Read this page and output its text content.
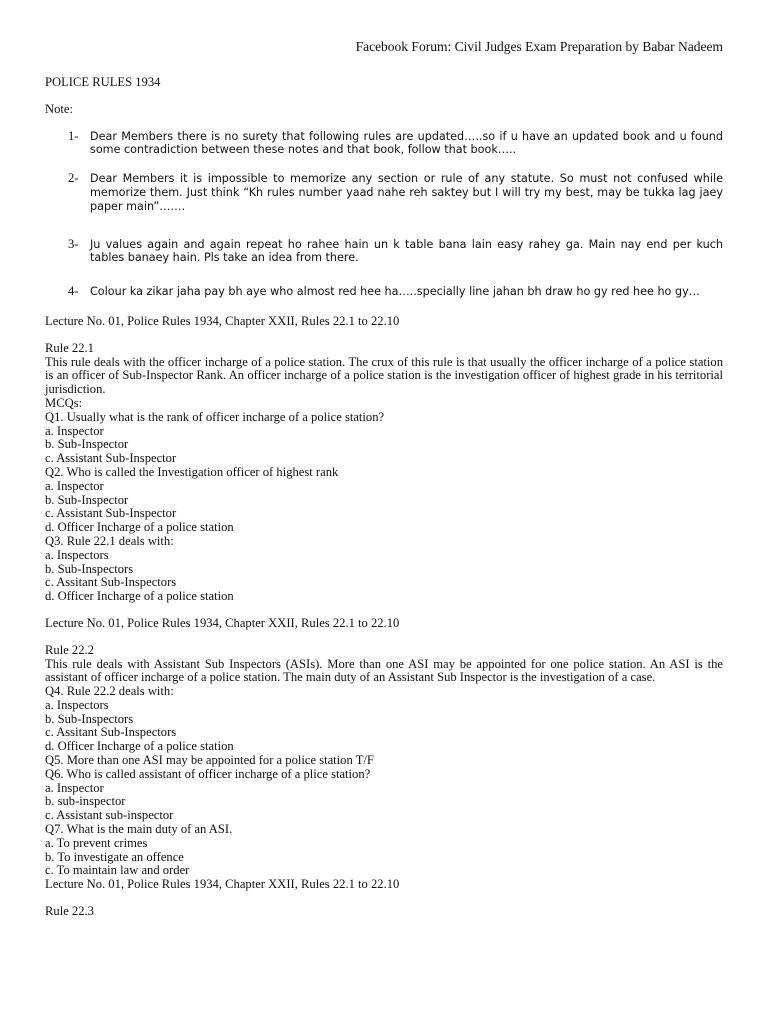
Facebook Forum: Civil Judges Exam Preparation by Babar Nadeem

POLICE RULES 1934

Note:

1- Dear Members there is no surety that following rules are updated…..so if u have an updated book and u found some contradiction between these notes and that book, follow that book…..
2- Dear Members it is impossible to memorize any section or rule of any statute. So must not confused while memorize them. Just think “Kh rules number yaad nahe reh saktey but I will try my best, may be tukka lag jaey paper main”…….
3- Ju values again and again repeat ho rahee hain un k table bana lain easy rahey ga. Main nay end per kuch tables banaey hain. Pls take an idea from there.
4- Colour ka zikar jaha pay bh aye who almost red hee ha…..specially line jahan bh draw ho gy red hee ho gy…

Lecture No. 01, Police Rules 1934, Chapter XXII, Rules 22.1 to 22.10

Rule 22.1

This rule deals with the officer incharge of a police station. The crux of this rule is that usually the officer incharge of a police station is an officer of Sub-Inspector Rank. An officer incharge of a police station is the investigation officer of highest grade in his territorial jurisdiction.

MCQs:

Q1. Usually what is the rank of officer incharge of a police station?

a. Inspector

b. Sub-Inspector

c. Assistant Sub-Inspector

Q2. Who is called the Investigation officer of highest rank

a. Inspector

b. Sub-Inspector

c. Assistant Sub-Inspector

d. Officer Incharge of a police station

Q3. Rule 22.1 deals with:

a. Inspectors

b. Sub-Inspectors

c. Assitant Sub-Inspectors

d. Officer Incharge of a police station

Lecture No. 01, Police Rules 1934, Chapter XXII, Rules 22.1 to 22.10

Rule 22.2

This rule deals with Assistant Sub Inspectors (ASIs). More than one ASI may be appointed for one police station. An ASI is the assistant of officer incharge of a police station. The main duty of an Assistant Sub Inspector is the investigation of a case.

Q4. Rule 22.2 deals with:

a. Inspectors

b. Sub-Inspectors

c. Assitant Sub-Inspectors

d. Officer Incharge of a police station

Q5. More than one ASI may be appointed for a police station T/F

Q6. Who is called assistant of officer incharge of a plice station?

a. Inspector

b. sub-inspector

c. Assistant sub-inspector

Q7. What is the main duty of an ASI.

a. To prevent crimes

b. To investigate an offence

c. To maintain law and order

Lecture No. 01, Police Rules 1934, Chapter XXII, Rules 22.1 to 22.10

Rule 22.3
